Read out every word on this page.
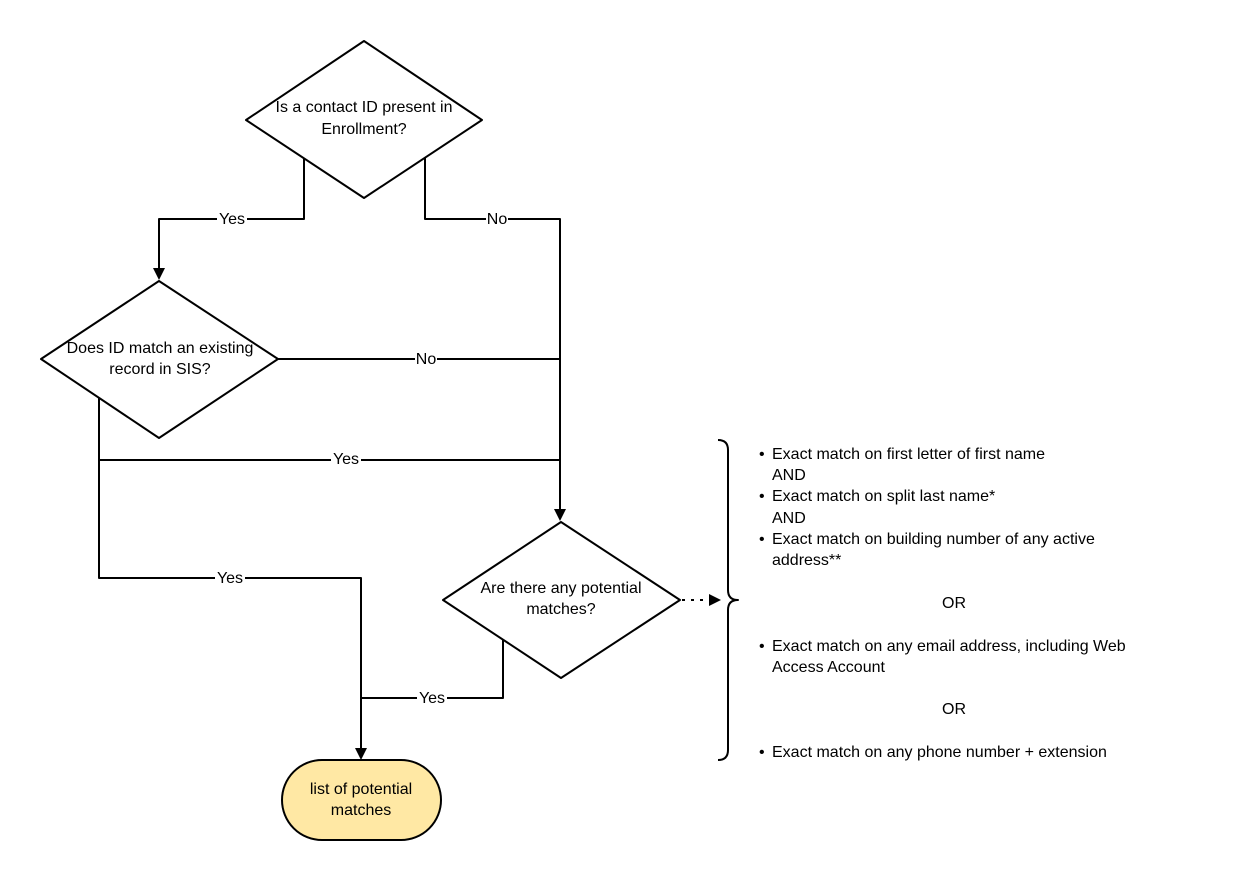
Yes	No
No
Yes
Yes
Yes
Is a contact ID present in
Enrollment?
Does ID match an existing
record in SIS?
Are there any potential
matches?
list of potential
matches
• Exact match on first letter of first name
AND
• Exact match on split last name*
AND
• Exact match on building number of any active
address**
OR
• Exact match on any email address, including Web
Access Account
OR
• Exact match on any phone number + extension
